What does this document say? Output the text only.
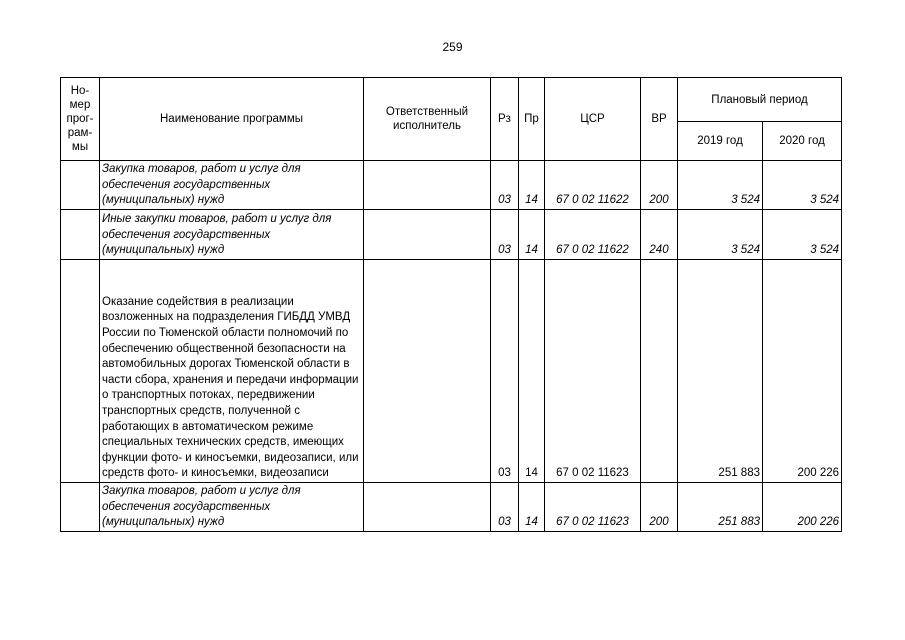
259
Но-
мер
прог-
рам-
мы	Наименование программы	Ответственный исполнитель	Рз	Пр	ЦСР	ВР	Плановый период	
							2019 год	2020 год
	Закупка товаров, работ и услуг для обеспечения государственных (муниципальных) нужд		03	14	67 0 02 11622	200	3 524	3 524
	Иные закупки товаров, работ и услуг для обеспечения государственных (муниципальных) нужд		03	14	67 0 02 11622	240	3 524	3 524
	Оказание содействия в реализации возложенных на подразделения ГИБДД УМВД России по Тюменской области полномочий по обеспечению общественной безопасности на автомобильных дорогах Тюменской области в части сбора, хранения и передачи информации о транспортных потоках, передвижении транспортных средств, полученной с работающих в автоматическом режиме специальных технических средств, имеющих функции фото- и киносъемки, видеозаписи, или средств фото- и киносъемки, видеозаписи		03	14	67 0 02 11623		251 883	200 226
	Закупка товаров, работ и услуг для обеспечения государственных (муниципальных) нужд		03	14	67 0 02 11623	200	251 883	200 226
